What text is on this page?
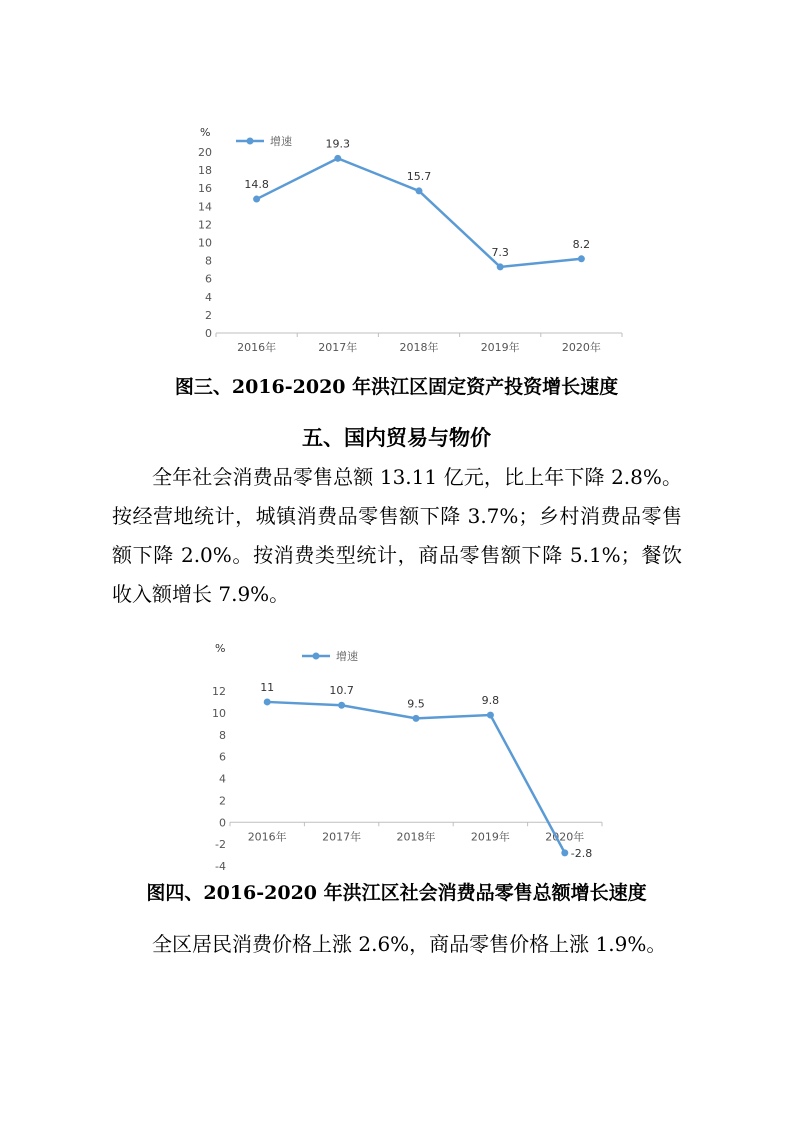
%
0
2
4
6
8
10
12
14
16
18
20
2016年	2017年	2018年	2019年	2020年
14.8
19.3
15.7
7.3
8.2
增速
图三、2016-2020 年洪江区固定资产投资增长速度
五、国内贸易与物价

全年社会消费品零售总额 13.11 亿元，比上年下降 2.8%。按经营地统计，城镇消费品零售额下降 3.7%；乡村消费品零售额下降 2.0%。按消费类型统计，商品零售额下降 5.1%；餐饮收入额增长 7.9%。

%
-4
-2
0
2
4
6
8
10
12
2016年	2017年	2018年	2019年	2020年
11	10.7
9.5	9.8
-2.8
增速
图四、2016-2020 年洪江区社会消费品零售总额增长速度

全区居民消费价格上涨 2.6%，商品零售价格上涨 1.9%。
